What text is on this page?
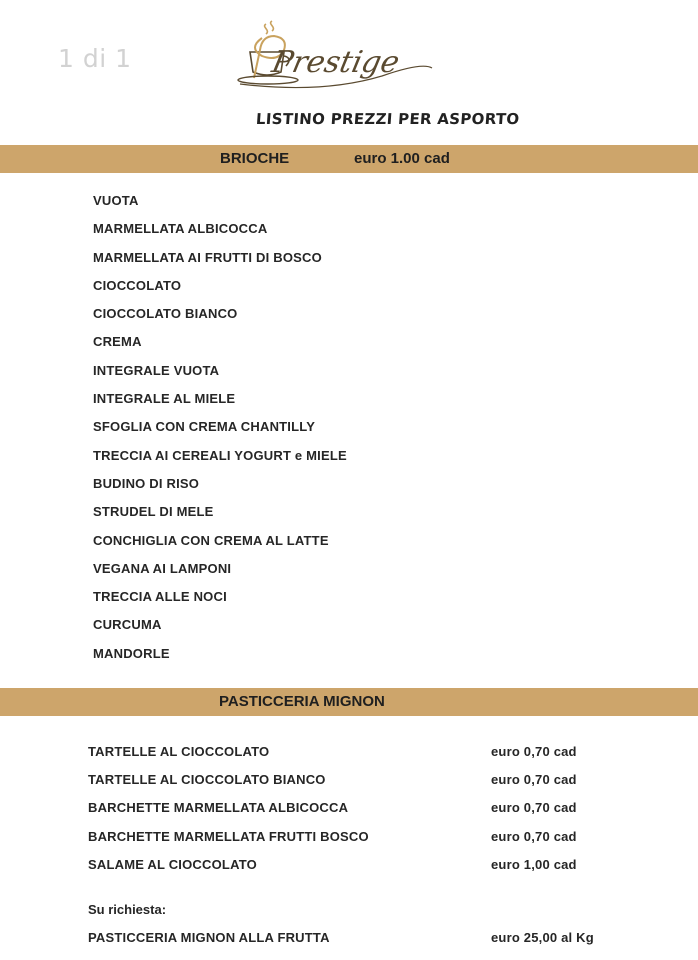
1 di 1	Prestige
LISTINO PREZZI PER ASPORTO
BRIOCHE	euro 1.00 cad
VUOTA
MARMELLATA ALBICOCCA
MARMELLATA AI FRUTTI DI BOSCO
CIOCCOLATO
CIOCCOLATO BIANCO
CREMA
INTEGRALE VUOTA
INTEGRALE AL MIELE
SFOGLIA CON CREMA CHANTILLY
TRECCIA AI CEREALI YOGURT e MIELE
BUDINO DI RISO
STRUDEL DI MELE
CONCHIGLIA CON CREMA AL LATTE
VEGANA AI LAMPONI
TRECCIA ALLE NOCI
CURCUMA
MANDORLE
PASTICCERIA MIGNON
TARTELLE AL CIOCCOLATO	euro 0,70 cad
TARTELLE AL CIOCCOLATO BIANCO	euro 0,70 cad
BARCHETTE MARMELLATA ALBICOCCA	euro 0,70 cad
BARCHETTE MARMELLATA FRUTTI BOSCO	euro 0,70 cad
SALAME AL CIOCCOLATO	euro 1,00 cad
Su richiesta:
PASTICCERIA MIGNON ALLA FRUTTA	euro 25,00 al Kg
